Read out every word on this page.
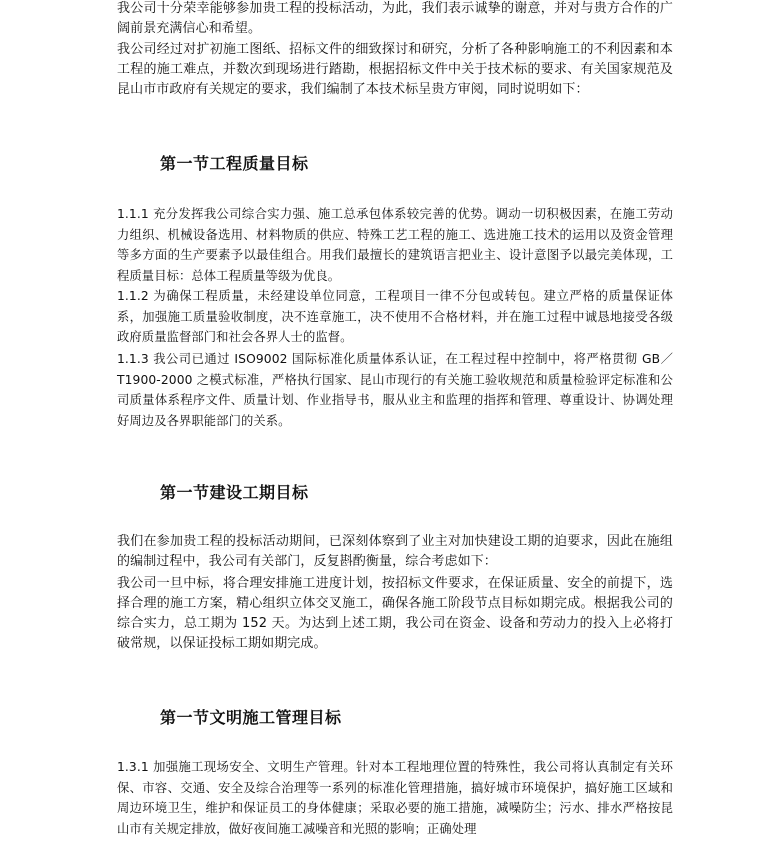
我公司十分荣幸能够参加贵工程的投标活动，为此，我们表示诚挚的谢意，并对与贵方合作的广阔前景充满信心和希望。

我公司经过对扩初施工图纸、招标文件的细致探讨和研究，分析了各种影响施工的不利因素和本工程的施工难点，并数次到现场进行踏勘，根据招标文件中关于技术标的要求、有关国家规范及昆山市市政府有关规定的要求，我们编制了本技术标呈贵方审阅，同时说明如下：

第一节工程质量目标

1.1.1 充分发挥我公司综合实力强、施工总承包体系较完善的优势。调动一切积极因素，在施工劳动力组织、机械设备选用、材料物质的供应、特殊工艺工程的施工、选进施工技术的运用以及资金管理等多方面的生产要素予以最佳组合。用我们最擅长的建筑语言把业主、设计意图予以最完美体现，工程质量目标：总体工程质量等级为优良。

1.1.2 为确保工程质量，未经建设单位同意，工程项目一律不分包或转包。建立严格的质量保证体系，加强施工质量验收制度，决不连章施工，决不使用不合格材料，并在施工过程中诚恳地接受各级政府质量监督部门和社会各界人士的监督。

1.1.3 我公司已通过 ISO9002 国际标准化质量体系认证，在工程过程中控制中，将严格贯彻 GB／T1900-2000 之模式标准，严格执行国家、昆山市现行的有关施工验收规范和质量检验评定标准和公司质量体系程序文件、质量计划、作业指导书，服从业主和监理的指挥和管理、尊重设计、协调处理好周边及各界职能部门的关系。

第一节建设工期目标

我们在参加贵工程的投标活动期间，已深刻体察到了业主对加快建设工期的迫要求，因此在施组的编制过程中，我公司有关部门，反复斟酌衡量，综合考虑如下：

我公司一旦中标，将合理安排施工进度计划，按招标文件要求，在保证质量、安全的前提下，选择合理的施工方案，精心组织立体交叉施工，确保各施工阶段节点目标如期完成。根据我公司的综合实力，总工期为 152 天。为达到上述工期，我公司在资金、设备和劳动力的投入上必将打破常规，以保证投标工期如期完成。

第一节文明施工管理目标

1.3.1 加强施工现场安全、文明生产管理。针对本工程地理位置的特殊性，我公司将认真制定有关环保、市容、交通、安全及综合治理等一系列的标准化管理措施，搞好城市环境保护，搞好施工区域和周边环境卫生，维护和保证员工的身体健康；采取必要的施工措施，减噪防尘；污水、排水严格按昆山市有关规定排放，做好夜间施工减噪音和光照的影响；正确处理
